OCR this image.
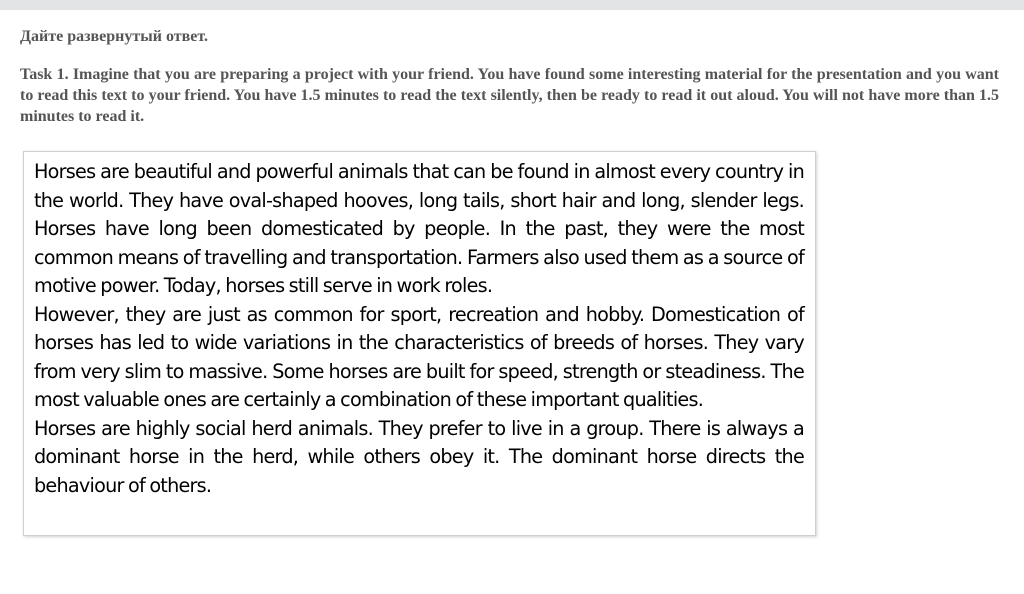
Дайте развернутый ответ.

Task 1. Imagine that you are preparing a project with your friend. You have found some interesting material for the presentation and you want to read this text to your friend. You have 1.5 minutes to read the text silently, then be ready to read it out aloud. You will not have more than 1.5 minutes to read it.

Horses are beautiful and powerful animals that can be found in almost every country in the world. They have oval-shaped hooves, long tails, short hair and long, slender legs. Horses have long been domesticated by people. In the past, they were the most common means of travelling and transportation. Farmers also used them as a source of motive power. Today, horses still serve in work roles.

However, they are just as common for sport, recreation and hobby. Domestication of horses has led to wide variations in the characteristics of breeds of horses. They vary from very slim to massive. Some horses are built for speed, strength or steadiness. The most valuable ones are certainly a combination of these important qualities.

Horses are highly social herd animals. They prefer to live in a group. There is always a dominant horse in the herd, while others obey it. The dominant horse directs the behaviour of others.
